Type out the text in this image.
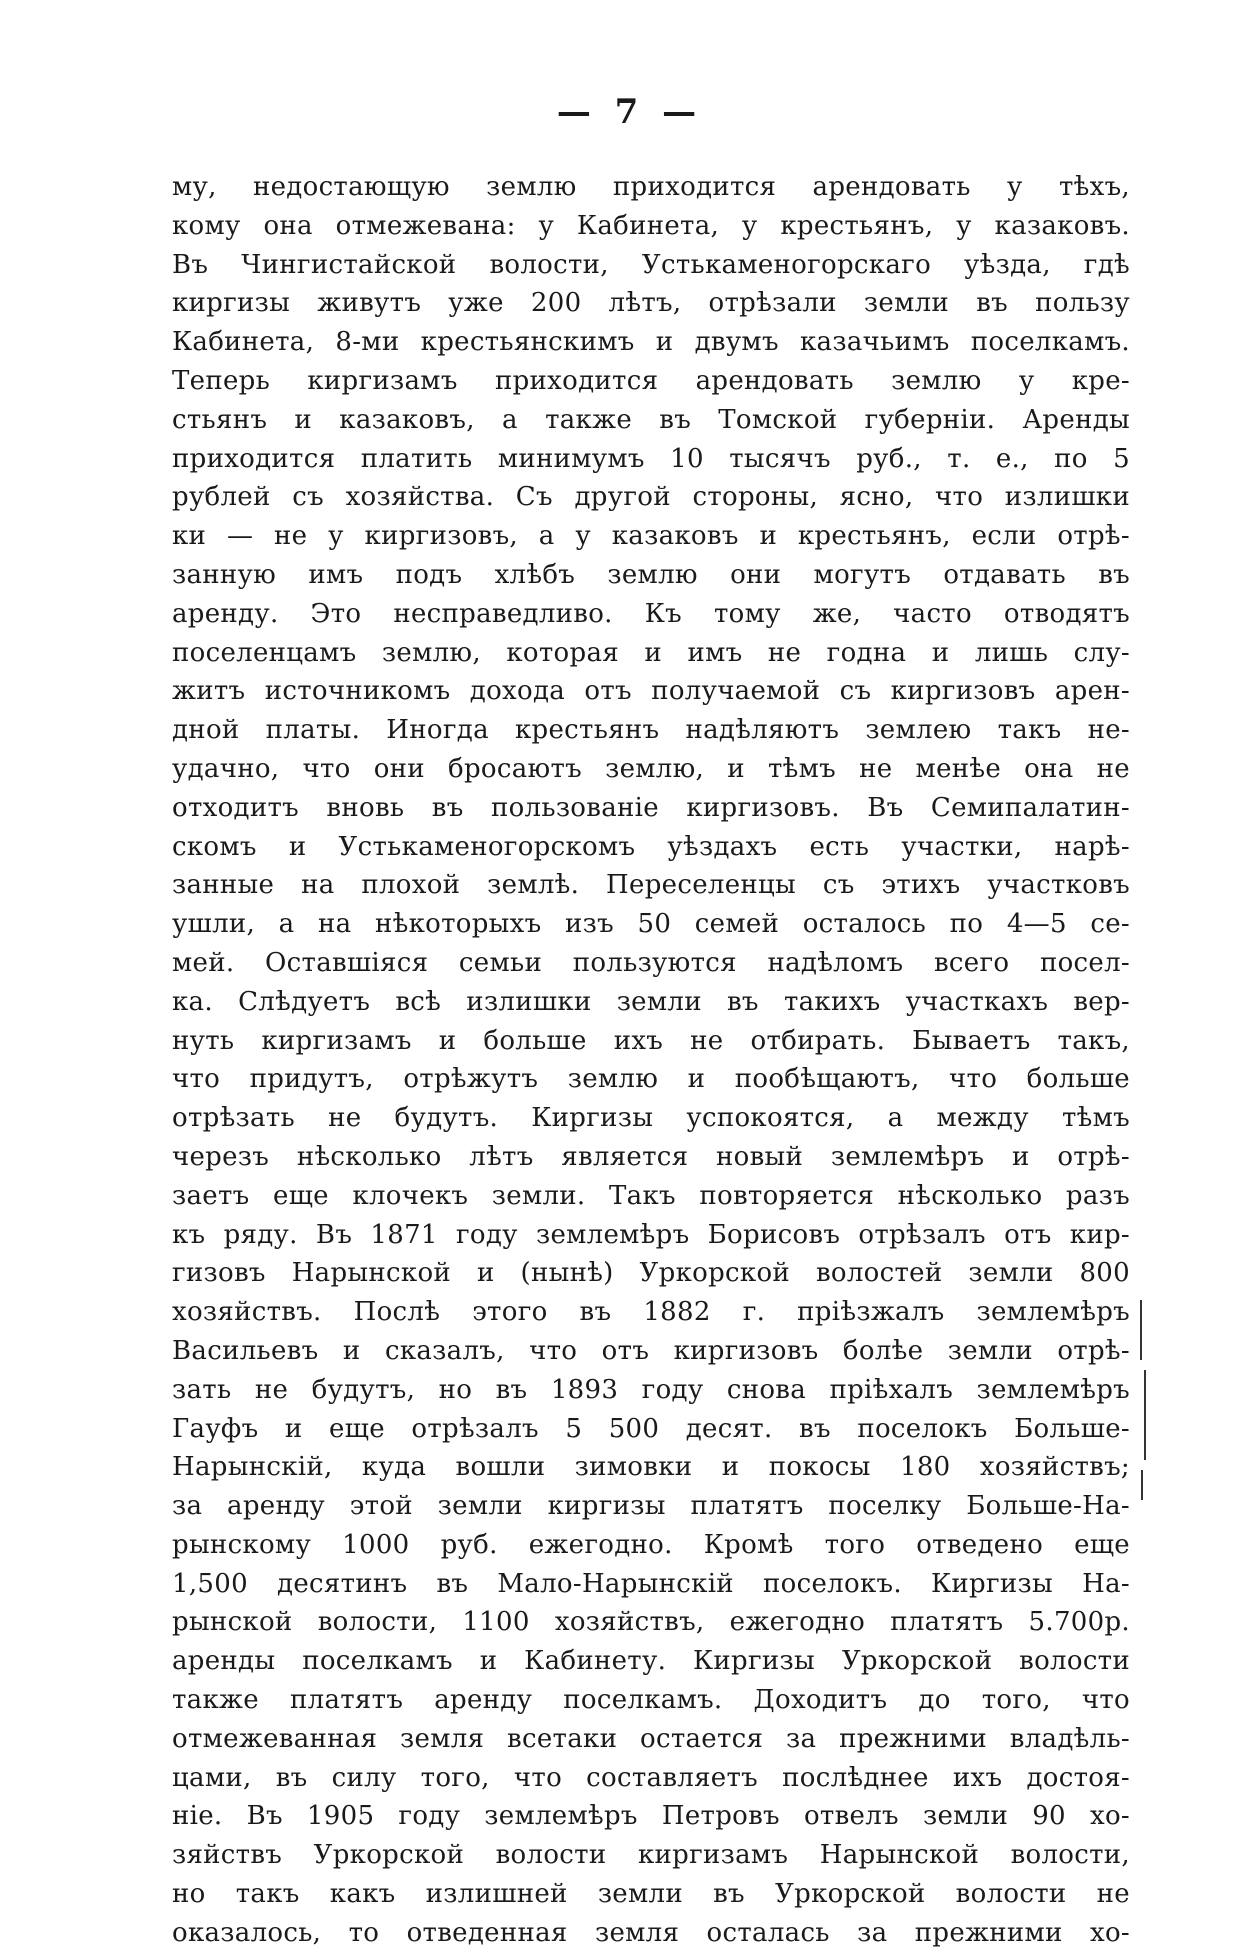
— 7 —
му, недостающую землю приходится арендовать у тѣхъ,
кому она отмежевана: у Кабинета, у крестьянъ, у казаковъ.
Въ Чингистайской волости, Устькаменогорскаго уѣзда, гдѣ
киргизы живутъ уже 200 лѣтъ, отрѣзали земли въ пользу
Кабинета, 8-ми крестьянскимъ и двумъ казачьимъ поселкамъ.
Теперь киргизамъ приходится арендовать землю у кре-
стьянъ и казаковъ, а также въ Томской губерніи. Аренды
приходится платить минимумъ 10 тысячъ руб., т. е., по 5
рублей съ хозяйства. Съ другой стороны, ясно, что излишки
ки — не у киргизовъ, а у казаковъ и крестьянъ, если отрѣ-
занную имъ подъ хлѣбъ землю они могутъ отдавать въ
аренду. Это несправедливо. Къ тому же, часто отводятъ
поселенцамъ землю, которая и имъ не годна и лишь слу-
житъ источникомъ дохода отъ получаемой съ киргизовъ арен-
дной платы. Иногда крестьянъ надѣляютъ землею такъ не-
удачно, что они бросаютъ землю, и тѣмъ не менѣе она не
отходитъ вновь въ пользованіе киргизовъ. Въ Семипалатин-
скомъ и Устькаменогорскомъ уѣздахъ есть участки, нарѣ-
занные на плохой землѣ. Переселенцы съ этихъ участковъ
ушли, а на нѣкоторыхъ изъ 50 семей осталось по 4—5 се-
мей. Оставшіяся семьи пользуются надѣломъ всего посел-
ка. Слѣдуетъ всѣ излишки земли въ такихъ участкахъ вер-
нуть киргизамъ и больше ихъ не отбирать. Бываетъ такъ,
что придутъ, отрѣжутъ землю и пообѣщаютъ, что больше
отрѣзать не будутъ. Киргизы успокоятся, а между тѣмъ
черезъ нѣсколько лѣтъ является новый землемѣръ и отрѣ-
заетъ еще клочекъ земли. Такъ повторяется нѣсколько разъ
къ ряду. Въ 1871 году землемѣръ Борисовъ отрѣзалъ отъ кир-
гизовъ Нарынской и (нынѣ) Уркорской волостей земли 800
хозяйствъ. Послѣ этого въ 1882 г. пріѣзжалъ землемѣръ
Васильевъ и сказалъ, что отъ киргизовъ болѣе земли отрѣ-
зать не будутъ, но въ 1893 году снова пріѣхалъ землемѣръ
Гауфъ и еще отрѣзалъ 5 500 десят. въ поселокъ Больше-
Нарынскій, куда вошли зимовки и покосы 180 хозяйствъ;
за аренду этой земли киргизы платятъ поселку Больше-На-
рынскому 1000 руб. ежегодно. Кромѣ того отведено еще
1,500 десятинъ въ Мало-Нарынскій поселокъ. Киргизы На-
рынской волости, 1100 хозяйствъ, ежегодно платятъ 5.700р.
аренды поселкамъ и Кабинету. Киргизы Уркорской волости
также платятъ аренду поселкамъ. Доходитъ до того, что
отмежеванная земля всетаки остается за прежними владѣль-
цами, въ силу того, что составляетъ послѣднее ихъ достоя-
ніе. Въ 1905 году землемѣръ Петровъ отвелъ земли 90 хо-
зяйствъ Уркорской волости киргизамъ Нарынской волости,
но такъ какъ излишней земли въ Уркорской волости не
оказалось, то отведенная земля осталась за прежними хо-
